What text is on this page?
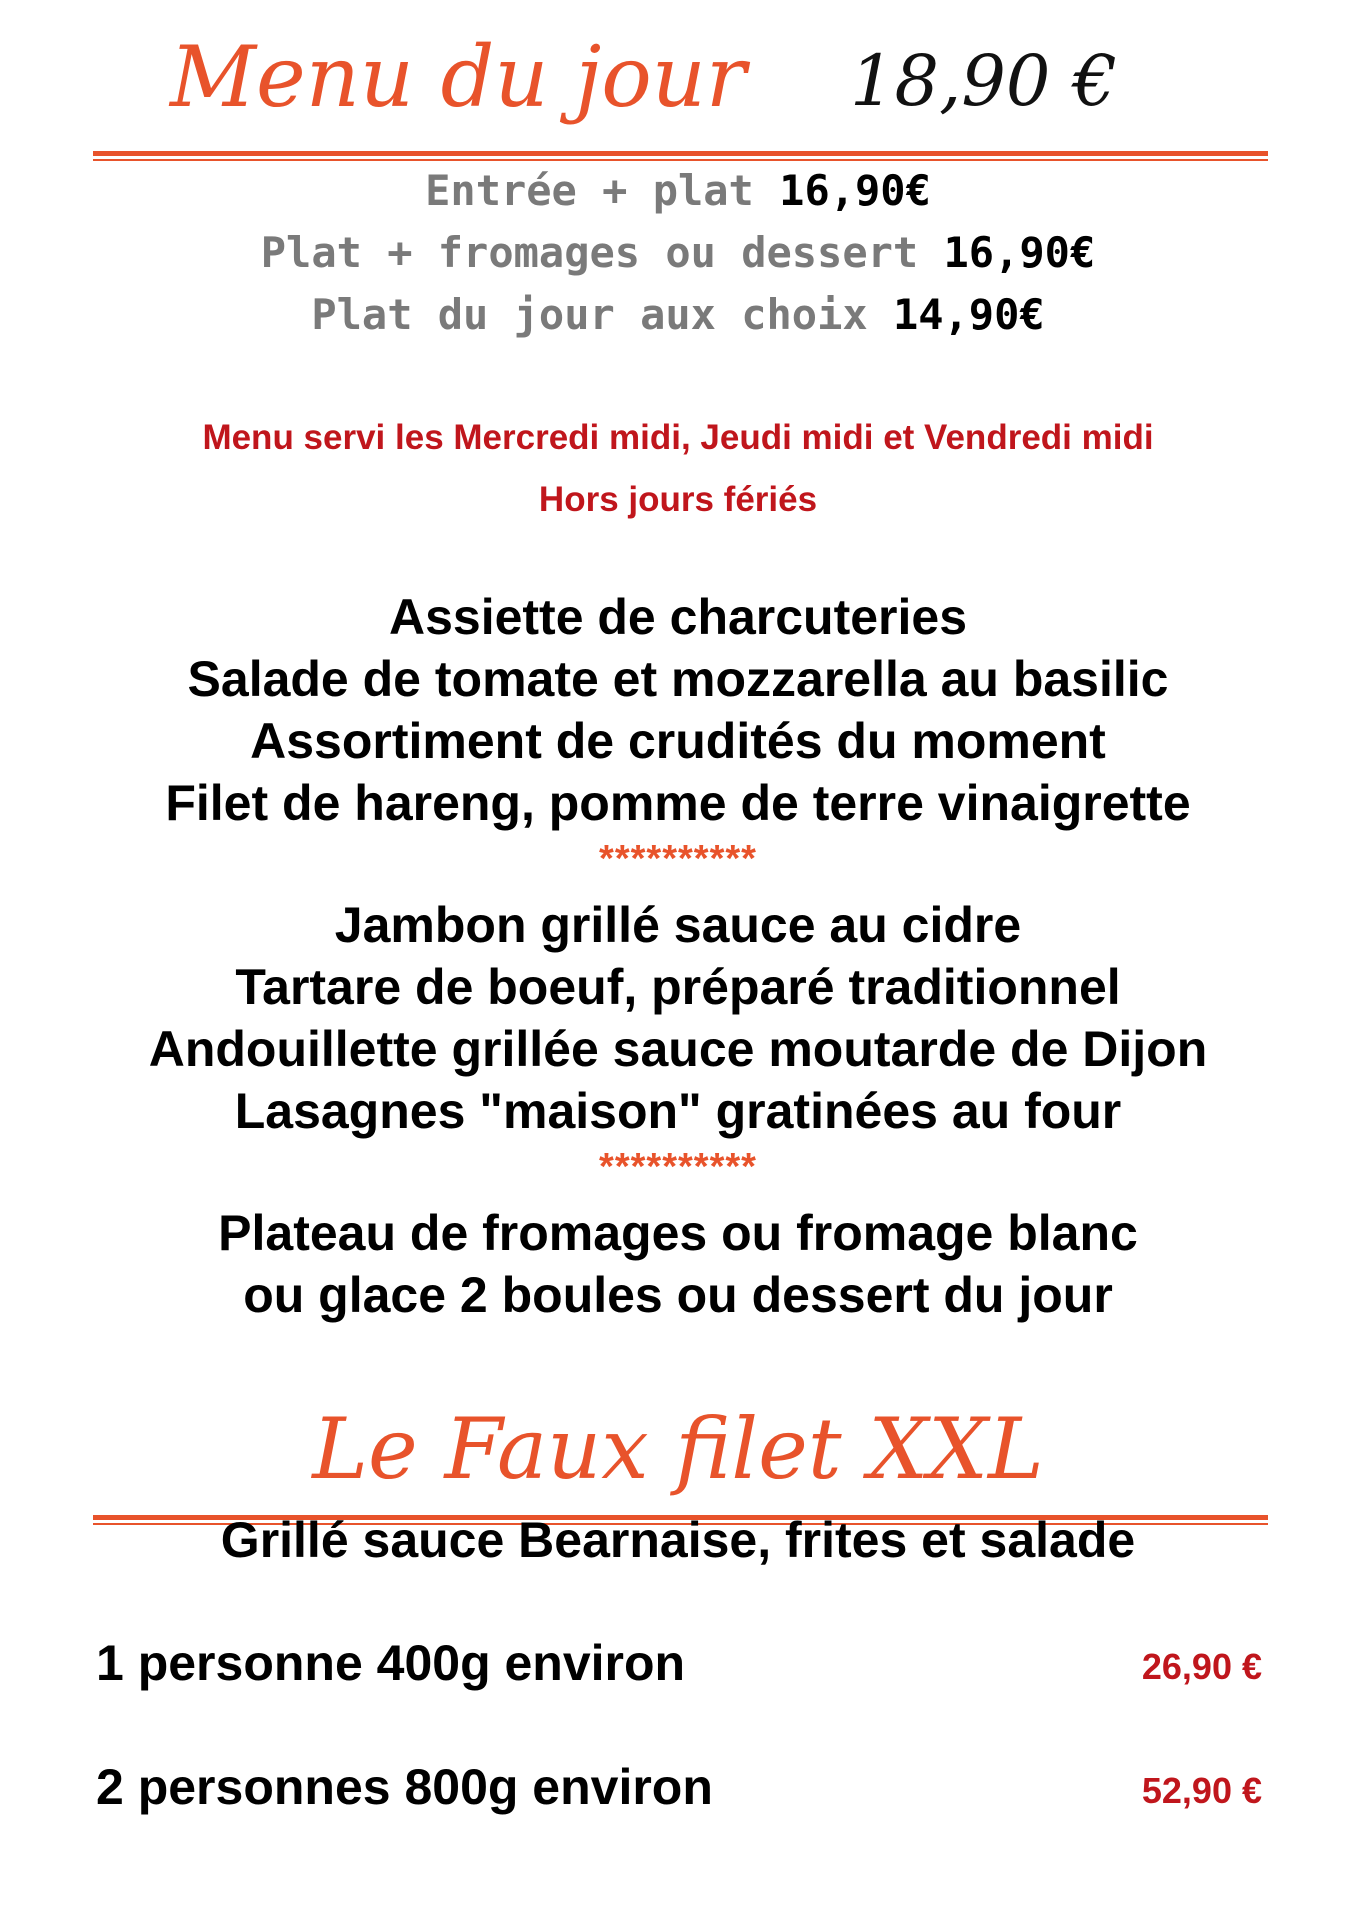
Menu du jour 18,90 €
Entrée + plat 16,90€
Plat + fromages ou dessert 16,90€
Plat du jour aux choix 14,90€
Menu servi les Mercredi midi, Jeudi midi et Vendredi midi
Hors jours fériés
Assiette de charcuteries
Salade de tomate et mozzarella au basilic
Assortiment de crudités du moment
Filet de hareng, pomme de terre vinaigrette
**********
Jambon grillé sauce au cidre
Tartare de boeuf, préparé traditionnel
Andouillette grillée sauce moutarde de Dijon
Lasagnes "maison" gratinées au four
**********
Plateau de fromages ou fromage blanc
ou glace 2 boules ou dessert du jour
Le Faux filet XXL
Grillé sauce Bearnaise, frites et salade
1 personne 400g environ	26,90 €
2 personnes 800g environ	52,90 €
